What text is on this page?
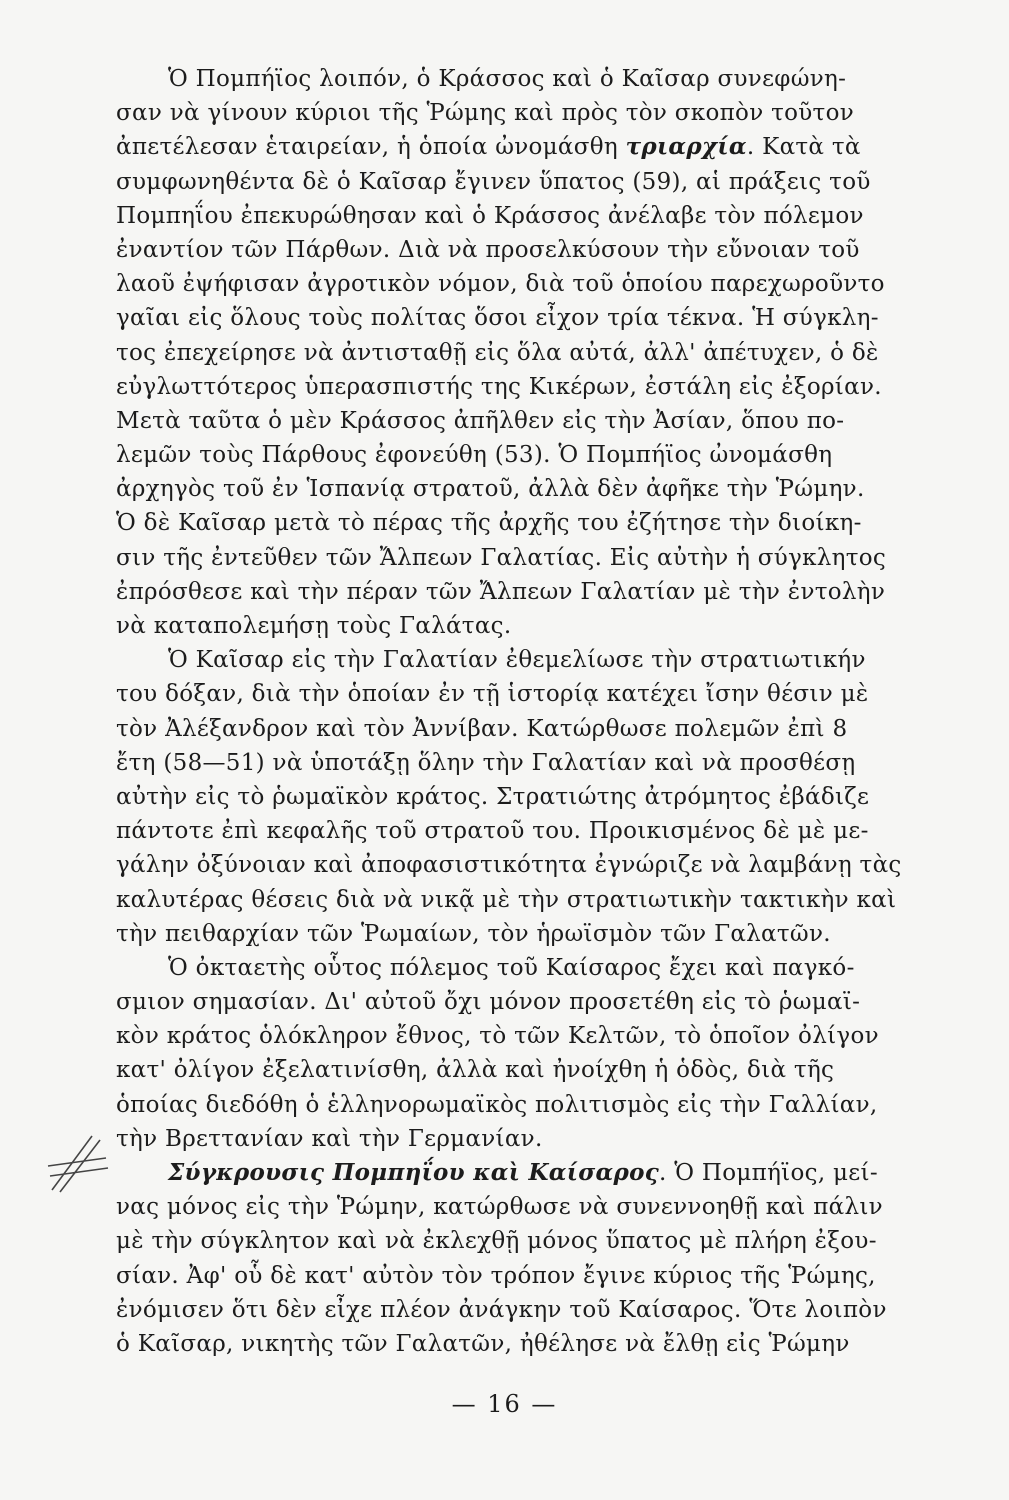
Ὁ Πομπήϊος λοιπόν, ὁ Κράσσος καὶ ὁ Καῖσαρ συνεφώνη-
σαν νὰ γίνουν κύριοι τῆς Ῥώμης καὶ πρὸς τὸν σκοπὸν τοῦτον
ἀπετέλεσαν ἑταιρείαν, ἡ ὁποία ὠνομάσθη τριαρχία. Κατὰ τὰ
συμφωνηθέντα δὲ ὁ Καῖσαρ ἔγινεν ὕπατος (59), αἱ πράξεις τοῦ
Πομπηΐου ἐπεκυρώθησαν καὶ ὁ Κράσσος ἀνέλαβε τὸν πόλεμον
ἐναντίον τῶν Πάρθων. Διὰ νὰ προσελκύσουν τὴν εὔνοιαν τοῦ
λαοῦ ἐψήφισαν ἀγροτικὸν νόμον, διὰ τοῦ ὁποίου παρεχωροῦντο
γαῖαι εἰς ὅλους τοὺς πολίτας ὅσοι εἶχον τρία τέκνα. Ἡ σύγκλη-
τος ἐπεχείρησε νὰ ἀντισταθῇ εἰς ὅλα αὐτά, ἀλλ' ἀπέτυχεν, ὁ δὲ
εὐγλωττότερος ὑπερασπιστής της Κικέρων, ἐστάλη εἰς ἐξορίαν.
Μετὰ ταῦτα ὁ μὲν Κράσσος ἀπῆλθεν εἰς τὴν Ἀσίαν, ὅπου πο-
λεμῶν τοὺς Πάρθους ἐφονεύθη (53). Ὁ Πομπήϊος ὠνομάσθη
ἀρχηγὸς τοῦ ἐν Ἱσπανίᾳ στρατοῦ, ἀλλὰ δὲν ἀφῆκε τὴν Ῥώμην.
Ὁ δὲ Καῖσαρ μετὰ τὸ πέρας τῆς ἀρχῆς του ἐζήτησε τὴν διοίκη-
σιν τῆς ἐντεῦθεν τῶν Ἄλπεων Γαλατίας. Εἰς αὐτὴν ἡ σύγκλητος
ἐπρόσθεσε καὶ τὴν πέραν τῶν Ἄλπεων Γαλατίαν μὲ τὴν ἐντολὴν
νὰ καταπολεμήσῃ τοὺς Γαλάτας.
Ὁ Καῖσαρ εἰς τὴν Γαλατίαν ἐθεμελίωσε τὴν στρατιωτικήν
του δόξαν, διὰ τὴν ὁποίαν ἐν τῇ ἱστορίᾳ κατέχει ἴσην θέσιν μὲ
τὸν Ἀλέξανδρον καὶ τὸν Ἀννίβαν. Κατώρθωσε πολεμῶν ἐπὶ 8
ἔτη (58—51) νὰ ὑποτάξῃ ὅλην τὴν Γαλατίαν καὶ νὰ προσθέσῃ
αὐτὴν εἰς τὸ ῥωμαϊκὸν κράτος. Στρατιώτης ἀτρόμητος ἐβάδιζε
πάντοτε ἐπὶ κεφαλῆς τοῦ στρατοῦ του. Προικισμένος δὲ μὲ με-
γάλην ὀξύνοιαν καὶ ἀποφασιστικότητα ἐγνώριζε νὰ λαμβάνῃ τὰς
καλυτέρας θέσεις διὰ νὰ νικᾷ μὲ τὴν στρατιωτικὴν τακτικὴν καὶ
τὴν πειθαρχίαν τῶν Ῥωμαίων, τὸν ἡρωϊσμὸν τῶν Γαλατῶν.
Ὁ ὀκταετὴς οὗτος πόλεμος τοῦ Καίσαρος ἔχει καὶ παγκό-
σμιον σημασίαν. Δι' αὐτοῦ ὄχι μόνον προσετέθη εἰς τὸ ῥωμαϊ-
κὸν κράτος ὁλόκληρον ἔθνος, τὸ τῶν Κελτῶν, τὸ ὁποῖον ὀλίγον
κατ' ὀλίγον ἐξελατινίσθη, ἀλλὰ καὶ ἠνοίχθη ἡ ὁδὸς, διὰ τῆς
ὁποίας διεδόθη ὁ ἑλληνορωμαϊκὸς πολιτισμὸς εἰς τὴν Γαλλίαν,
τὴν Βρεττανίαν καὶ τὴν Γερμανίαν.
Σύγκρουσις Πομπηΐου καὶ Καίσαρος. Ὁ Πομπήϊος, μεί-
νας μόνος εἰς τὴν Ῥώμην, κατώρθωσε νὰ συνεννοηθῇ καὶ πάλιν
μὲ τὴν σύγκλητον καὶ νὰ ἐκλεχθῇ μόνος ὕπατος μὲ πλήρη ἐξου-
σίαν. Ἀφ' οὗ δὲ κατ' αὐτὸν τὸν τρόπον ἔγινε κύριος τῆς Ῥώμης,
ἐνόμισεν ὅτι δὲν εἶχε πλέον ἀνάγκην τοῦ Καίσαρος. Ὅτε λοιπὸν
ὁ Καῖσαρ, νικητὴς τῶν Γαλατῶν, ἠθέλησε νὰ ἔλθῃ εἰς Ῥώμην
— 16 —
